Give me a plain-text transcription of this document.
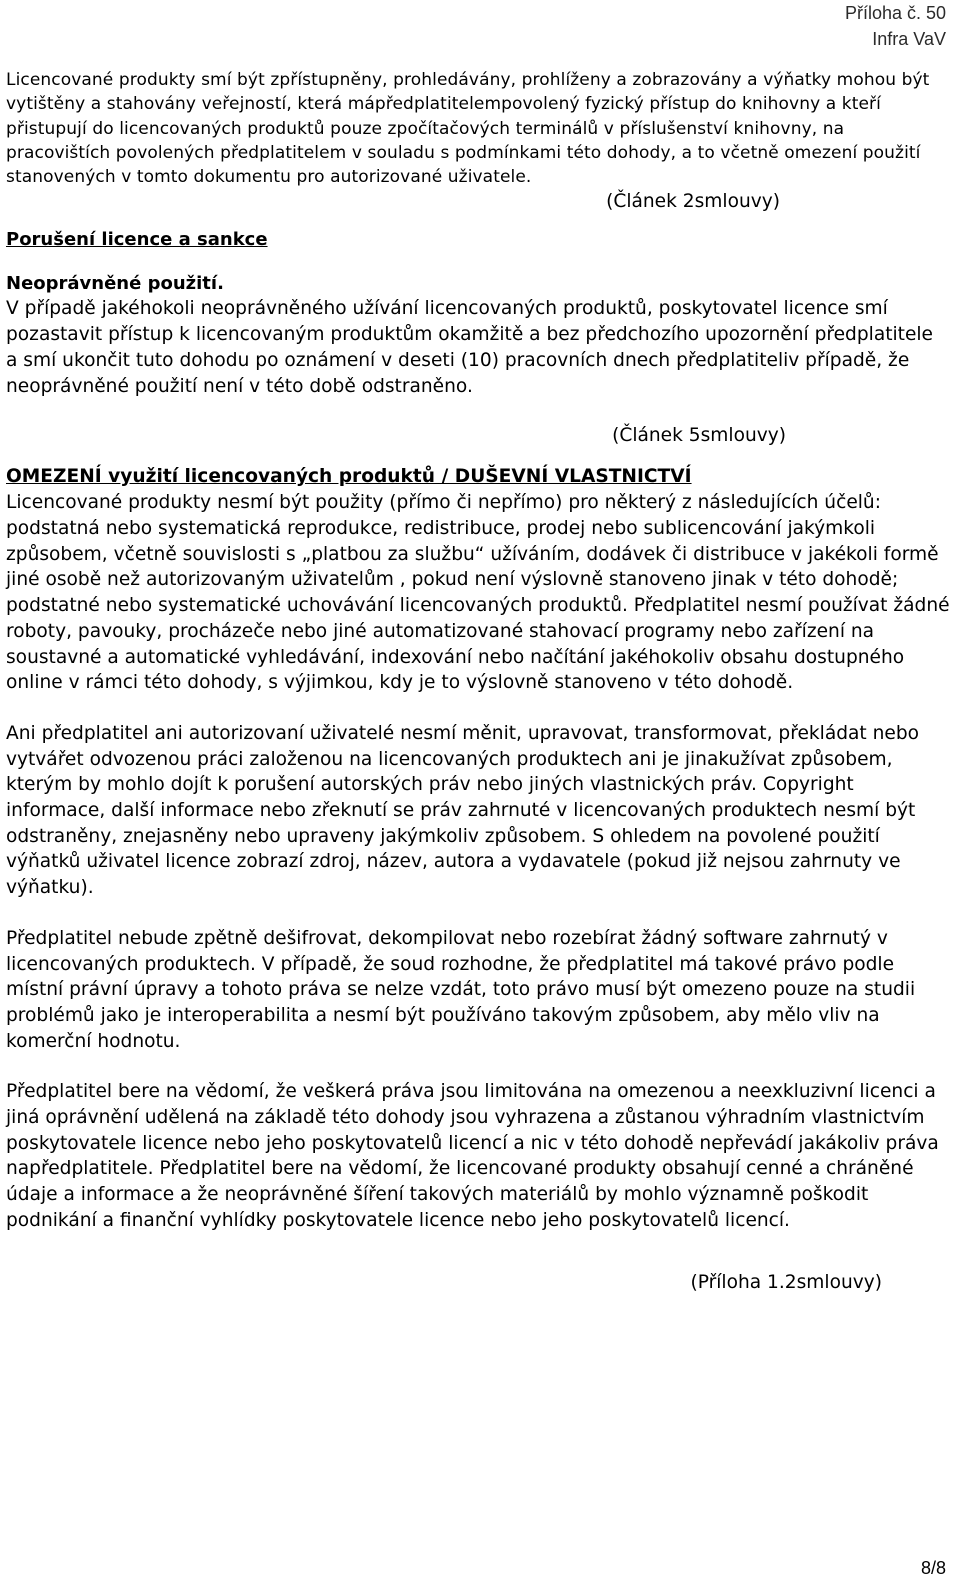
Příloha č. 50
Infra VaV

Licencované produkty smí být zpřístupněny, prohledávány, prohlíženy a zobrazovány a výňatky mohou být vytištěny a stahovány veřejností, která mápředplatitelempovolený fyzický přístup do knihovny a kteří přistupují do licencovaných produktů pouze zpočítačových terminálů v příslušenství knihovny, na pracovištích povolených předplatitelem v souladu s podmínkami této dohody, a to včetně omezení použití stanovených v tomto dokumentu pro autorizované uživatele.

(Článek 2smlouvy)

Porušení licence a sankce

Neoprávněné použití.

V případě jakéhokoli neoprávněného užívání licencovaných produktů, poskytovatel licence smí pozastavit přístup k licencovaným produktům okamžitě a bez předchozího upozornění předplatitele a smí ukončit tuto dohodu po oznámení v deseti (10) pracovních dnech předplatiteliv případě, že neoprávněné použití není v této době odstraněno.

(Článek 5smlouvy)

OMEZENÍ využití licencovaných produktů / DUŠEVNÍ VLASTNICTVÍ

Licencované produkty nesmí být použity (přímo či nepřímo) pro některý z následujících účelů:

podstatná nebo systematická reprodukce, redistribuce, prodej nebo sublicencování jakýmkoli způsobem, včetně souvislosti s „platbou za službu“ užíváním, dodávek či distribuce v jakékoli formě jiné osobě než autorizovaným uživatelům , pokud není výslovně stanoveno jinak v této dohodě; podstatné nebo systematické uchovávání licencovaných produktů. Předplatitel nesmí používat žádné roboty, pavouky, procházeče nebo jiné automatizované stahovací programy nebo zařízení na soustavné a automatické vyhledávání, indexování nebo načítání jakéhokoliv obsahu dostupného online v rámci této dohody, s výjimkou, kdy je to výslovně stanoveno v této dohodě.

Ani předplatitel ani autorizovaní uživatelé nesmí měnit, upravovat, transformovat, překládat nebo vytvářet odvozenou práci založenou na licencovaných produktech ani je jinakužívat způsobem, kterým by mohlo dojít k porušení autorských práv nebo jiných vlastnických práv. Copyright informace, další informace nebo zřeknutí se práv zahrnuté v licencovaných produktech nesmí být odstraněny, znejasněny nebo upraveny jakýmkoliv způsobem. S ohledem na povolené použití výňatků uživatel licence zobrazí zdroj, název, autora a vydavatele (pokud již nejsou zahrnuty ve výňatku).

Předplatitel nebude zpětně dešifrovat, dekompilovat nebo rozebírat žádný software zahrnutý v licencovaných produktech. V případě, že soud rozhodne, že předplatitel má takové právo podle místní právní úpravy a tohoto práva se nelze vzdát, toto právo musí být omezeno pouze na studii problémů jako je interoperabilita a nesmí být používáno takovým způsobem, aby mělo vliv na komerční hodnotu.

Předplatitel bere na vědomí, že veškerá práva jsou limitována na omezenou a neexkluzivní licenci a jiná oprávnění udělená na základě této dohody jsou vyhrazena a zůstanou výhradním vlastnictvím poskytovatele licence nebo jeho poskytovatelů licencí a nic v této dohodě nepřevádí jakákoliv práva napředplatitele. Předplatitel bere na vědomí, že licencované produkty obsahují cenné a chráněné údaje a informace a že neoprávněné šíření takových materiálů by mohlo významně poškodit podnikání a finanční vyhlídky poskytovatele licence nebo jeho poskytovatelů licencí.

(Příloha 1.2smlouvy)

8/8
